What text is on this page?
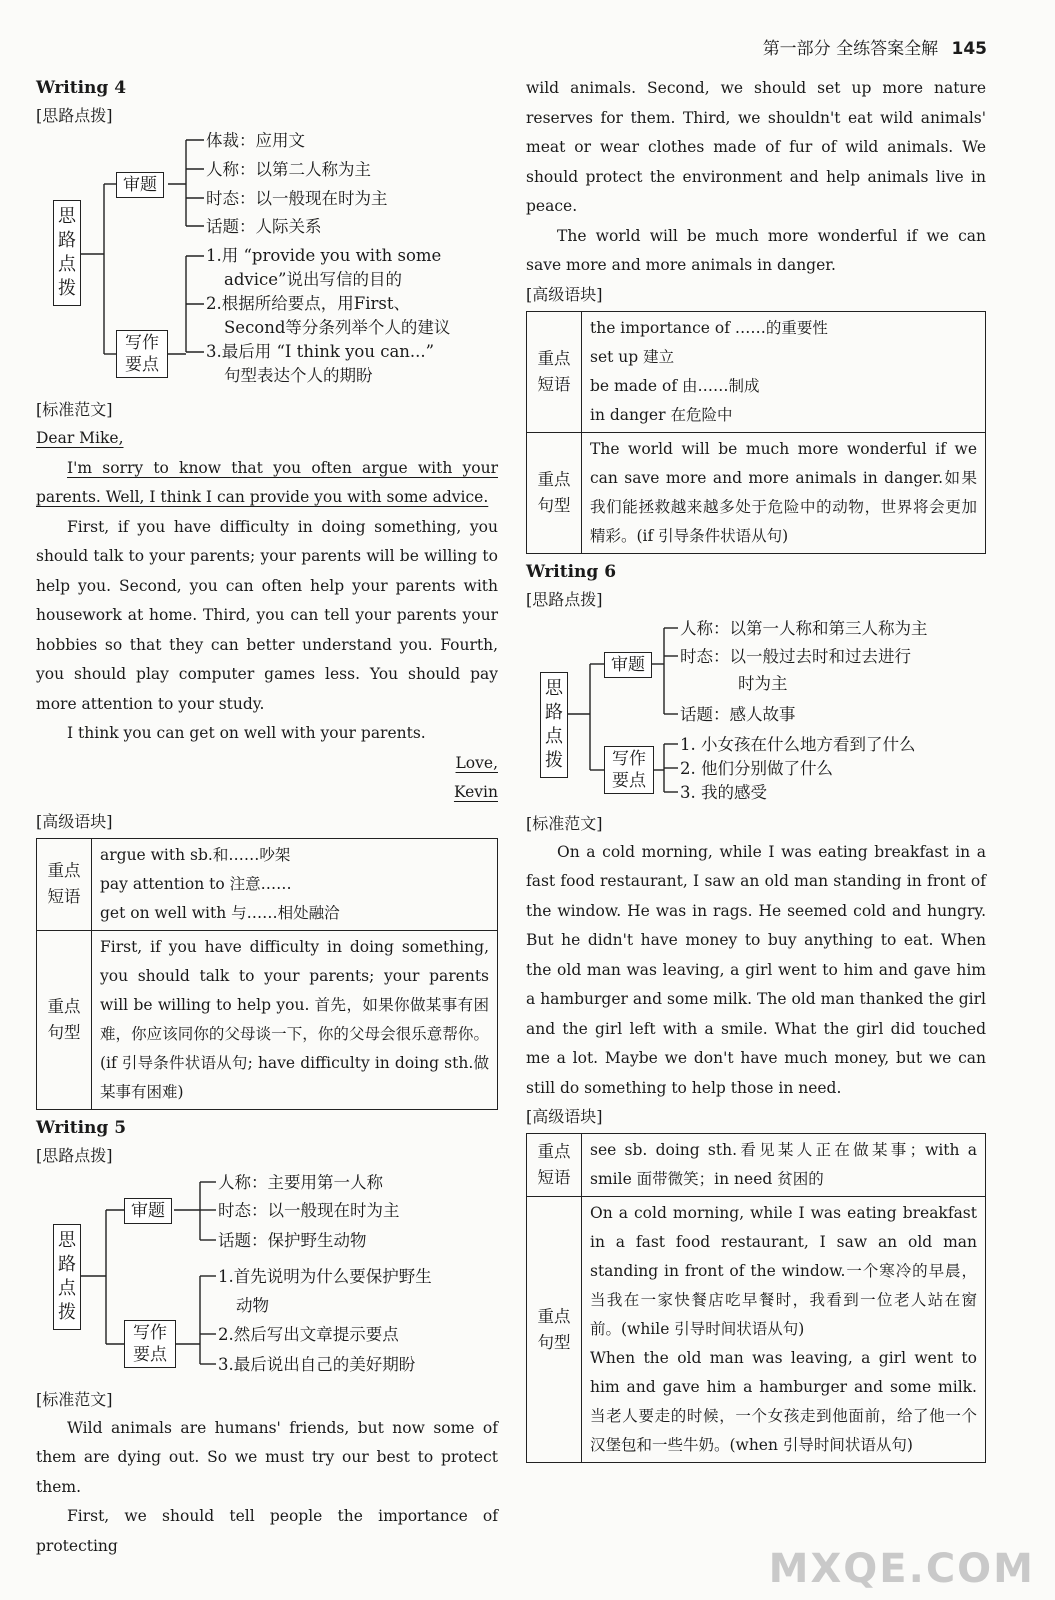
第一部分 全练答案全解 145
Writing 4
[思路点拨]
思路点拨
审题
写作要点
体裁：应用文
人称：以第二人称为主
时态：以一般现在时为主
话题：人际关系
1.用 “provide you with some
advice”说出写信的目的
2.根据所给要点，用First、
Second等分条列举个人的建议
3.最后用 “I think you can...”
句型表达个人的期盼
[标准范文]

Dear Mike,

I'm sorry to know that you often argue with your parents. Well, I think I can provide you with some advice.

First, if you have difficulty in doing something, you should talk to your parents; your parents will be willing to help you. Second, you can often help your parents with housework at home. Third, you can tell your parents your hobbies so that they can better understand you. Fourth, you should play computer games less. You should pay more attention to your study.

I think you can get on well with your parents.

Love,

Kevin

[高级语块]
重点短语	argue with sb.和……吵架
pay attention to 注意……
get on well with 与……相处融洽

重点句型	First, if you have difficulty in doing something, you should talk to your parents; your parents will be willing to help you. 首先，如果你做某事有困难，你应该同你的父母谈一下，你的父母会很乐意帮你。(if 引导条件状语从句; have difficulty in doing sth.做某事有困难)
Writing 5
[思路点拨]
思路点拨
审题
写作要点
人称：主要用第一人称
时态：以一般现在时为主
话题：保护野生动物
1.首先说明为什么要保护野生
动物
2.然后写出文章提示要点
3.最后说出自己的美好期盼
[标准范文]

Wild animals are humans' friends, but now some of them are dying out. So we must try our best to protect them.

First, we should tell people the importance of protecting

wild animals. Second, we should set up more nature reserves for them. Third, we shouldn't eat wild animals' meat or wear clothes made of fur of wild animals. We should protect the environment and help animals live in peace.

The world will be much more wonderful if we can save more and more animals in danger.

[高级语块]
重点短语	the importance of ……的重要性
set up 建立
be made of 由……制成
in danger 在危险中

重点句型	The world will be much more wonderful if we can save more and more animals in danger.如果我们能拯救越来越多处于危险中的动物，世界将会更加精彩。(if 引导条件状语从句)
Writing 6
[思路点拨]
思路点拨
审题
写作要点
人称：以第一人称和第三人称为主
时态：以一般过去时和过去进行
时为主
话题：感人故事
1. 小女孩在什么地方看到了什么
2. 他们分别做了什么
3. 我的感受
[标准范文]

On a cold morning, while I was eating breakfast in a fast food restaurant, I saw an old man standing in front of the window. He was in rags. He seemed cold and hungry. But he didn't have money to buy anything to eat. When the old man was leaving, a girl went to him and gave him a hamburger and some milk. The old man thanked the girl and the girl left with a smile. What the girl did touched me a lot. Maybe we don't have much money, but we can still do something to help those in need.

[高级语块]
重点短语	see sb. doing sth.看见某人正在做某事；with a smile 面带微笑；in need 贫困的
重点句型	On a cold morning, while I was eating breakfast in a fast food restaurant, I saw an old man standing in front of the window.一个寒冷的早晨，当我在一家快餐店吃早餐时，我看到一位老人站在窗前。(while 引导时间状语从句)
When the old man was leaving, a girl went to him and gave him a hamburger and some milk. 当老人要走的时候，一个女孩走到他面前，给了他一个汉堡包和一些牛奶。(when 引导时间状语从句)
MXQE.COM
